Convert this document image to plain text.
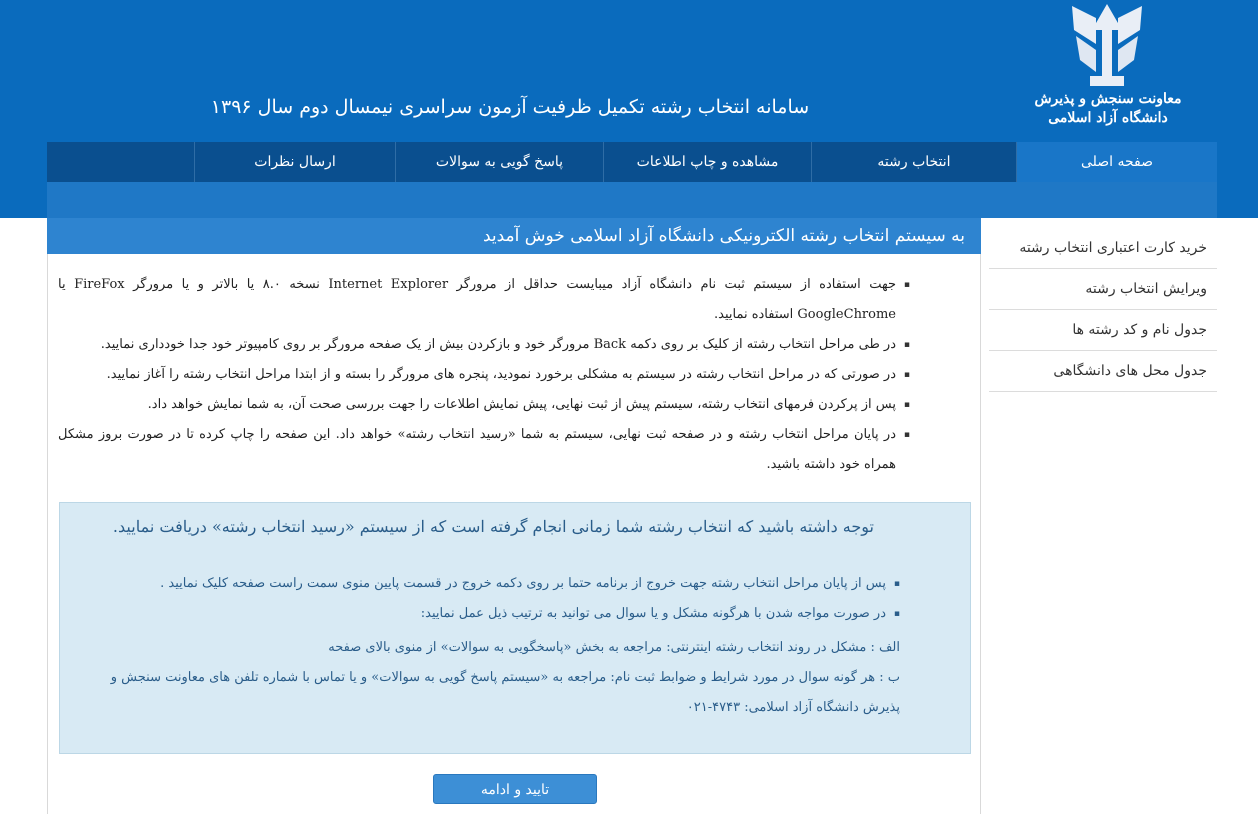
معاونت سنجش و پذیرش
دانشگاه آزاد اسلامی
سامانه انتخاب رشته تکمیل ظرفیت آزمون سراسری نیمسال دوم سال ۱۳۹۶
صفحه اصلی
انتخاب رشته
مشاهده و چاپ اطلاعات
پاسخ گویی به سوالات
ارسال نظرات
به سیستم انتخاب رشته الکترونیکی دانشگاه آزاد اسلامی خوش آمدید
▪ جهت استفاده از سیستم ثبت نام دانشگاه آزاد میبایست حداقل از مرورگر Internet Explorer نسخه ۸.۰ یا بالاتر و یا مرورگر FireFox یا GoogleChrome استفاده نمایید.
▪ در طی مراحل انتخاب رشته از کلیک بر روی دکمه Back مرورگر خود و بازکردن بیش از یک صفحه مرورگر بر روی کامپیوتر خود جدا خودداری نمایید.
▪ در صورتی که در مراحل انتخاب رشته در سیستم به مشکلی برخورد نمودید، پنجره های مرورگر را بسته و از ابتدا مراحل انتخاب رشته را آغاز نمایید.
▪ پس از پرکردن فرمهای انتخاب رشته، سیستم پیش از ثبت نهایی، پیش نمایش اطلاعات را جهت بررسی صحت آن، به شما نمایش خواهد داد.
▪ در پایان مراحل انتخاب رشته و در صفحه ثبت نهایی، سیستم به شما «رسید انتخاب رشته» خواهد داد. این صفحه را چاپ کرده تا در صورت بروز مشکل همراه خود داشته باشید.
توجه داشته باشید که انتخاب رشته شما زمانی انجام گرفته است که از سیستم «رسید انتخاب رشته» دریافت نمایید.
▪ پس از پایان مراحل انتخاب رشته جهت خروج از برنامه حتما بر روی دکمه خروج در قسمت پایین منوی سمت راست صفحه کلیک نمایید .
▪ در صورت مواجه شدن با هرگونه مشکل و یا سوال می توانید به ترتیب ذیل عمل نمایید:
الف : مشکل در روند انتخاب رشته اینترنتی: مراجعه به بخش «پاسخگویی به سوالات» از منوی بالای صفحه
ب : هر گونه سوال در مورد شرایط و ضوابط ثبت نام: مراجعه به «سیستم پاسخ گویی به سوالات» و یا تماس با شماره تلفن های معاونت سنجش و پذیرش دانشگاه آزاد اسلامی: ۴۷۴۳-۰۲۱
تایید و ادامه
خرید کارت اعتباری انتخاب رشته
ویرایش انتخاب رشته
جدول نام و کد رشته ها
جدول محل های دانشگاهی
